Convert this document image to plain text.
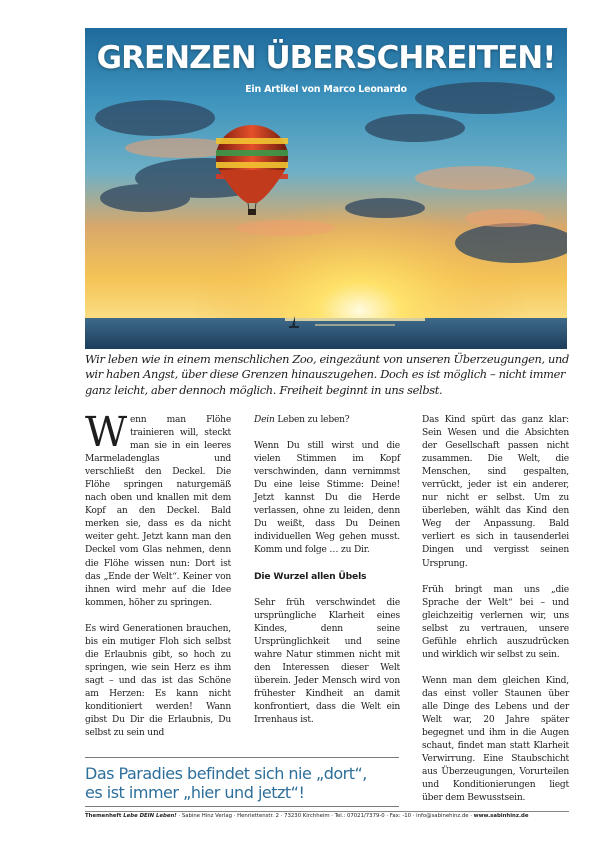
GRENZEN ÜBERSCHREITEN!
Ein Artikel von Marco Leonardo

Wir leben wie in einem menschlichen Zoo, eingezäunt von unseren Überzeugungen, und wir haben Angst, über diese Grenzen hinauszugehen. Doch es ist möglich – nicht immer ganz leicht, aber dennoch möglich. Freiheit beginnt in uns selbst.

Wenn man Flöhe trainieren will, steckt man sie in ein leeres Marmeladenglas und verschließt den Deckel. Die Flöhe springen naturgemäß nach oben und knallen mit dem Kopf an den Deckel. Bald merken sie, dass es da nicht weiter geht. Jetzt kann man den Deckel vom Glas nehmen, denn die Flöhe wissen nun: Dort ist das „Ende der Welt“. Keiner von ihnen wird mehr auf die Idee kommen, höher zu springen.

Es wird Generationen brauchen, bis ein mutiger Floh sich selbst die Erlaubnis gibt, so hoch zu springen, wie sein Herz es ihm sagt – und das ist das Schöne am Herzen: Es kann nicht konditioniert werden! Wann gibst Du Dir die Erlaubnis, Du selbst zu sein und

Dein Leben zu leben?

Wenn Du still wirst und die vielen Stimmen im Kopf verschwinden, dann vernimmst Du eine leise Stimme: Deine! Jetzt kannst Du die Herde verlassen, ohne zu leiden, denn Du weißt, dass Du Deinen individuellen Weg gehen musst. Komm und folge … zu Dir.

Die Wurzel allen Übels

Sehr früh verschwindet die ursprüngliche Klarheit eines Kindes, denn seine Ursprünglichkeit und seine wahre Natur stimmen nicht mit den Interessen dieser Welt überein. Jeder Mensch wird von frühester Kindheit an damit konfrontiert, dass die Welt ein Irrenhaus ist.

Das Kind spürt das ganz klar: Sein Wesen und die Absichten der Gesellschaft passen nicht zusammen. Die Welt, die Menschen, sind gespalten, verrückt, jeder ist ein anderer, nur nicht er selbst. Um zu überleben, wählt das Kind den Weg der Anpassung. Bald verliert es sich in tausenderlei Dingen und vergisst seinen Ursprung.

Früh bringt man uns „die Sprache der Welt“ bei – und gleichzeitig verlernen wir, uns selbst zu vertrauen, unsere Gefühle ehrlich auszudrücken und wirklich wir selbst zu sein.

Wenn man dem gleichen Kind, das einst voller Staunen über alle Dinge des Lebens und der Welt war, 20 Jahre später begegnet und ihm in die Augen schaut, findet man statt Klarheit Verwirrung. Eine Staubschicht aus Überzeugungen, Vorurteilen und Konditionierungen liegt über dem Bewusstsein.

Das Paradies befindet sich nie „dort“,
es ist immer „hier und jetzt“!
Themenheft Lebe DEIN Leben! · Sabine Hinz Verlag · Henriettenstr. 2 · 73230 Kirchheim · Tel.: 07021/7379-0 · Fax: -10 · info@sabinehinz.de · www.sabinhinz.de
